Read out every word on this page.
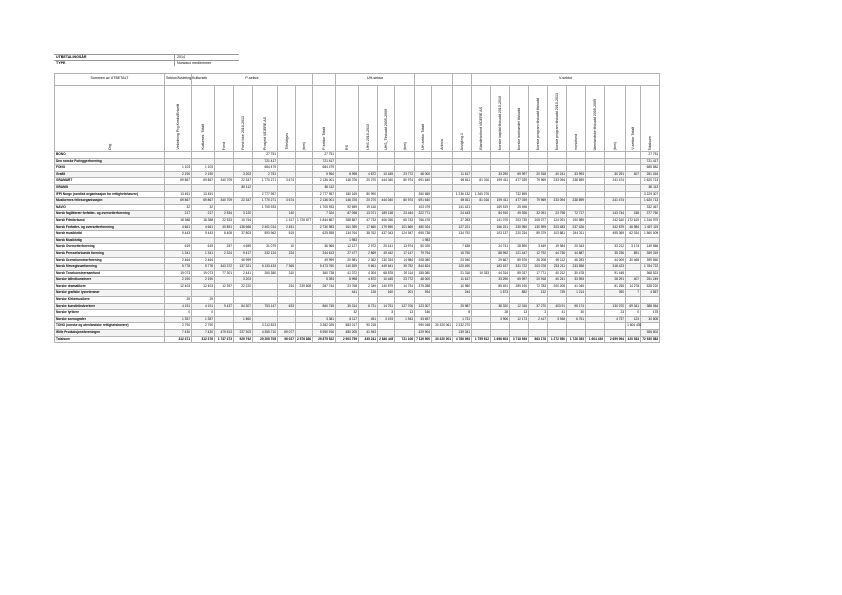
UTBETALINGSÅR	2014
TYPE	Norwaco medlemmer
Summen av UTBETALT	Sektor/Avdeling Kultursek	P-sektor							UH-sektor							V-sektor										
Org.	Veiledning Prg.Kreds/Enkeltt	Kultursek. Totalt	Fond	Fond ikke 2010-2013	Prosjekt VIDERE AS	Tilfeldigvis	(tom)	P-sektor Totalt	RS	UHS 2010-2013	UHS_Tilskudd 2005-2009	(tom)	UH-sektor Totalt	Arkivio	Avvigling 1	Blandinksfond VIDERE AS	Norske kapital tilskudd 2010-2010	Norske bokhandel tilskudd	Norske program tilskudd tilskudd	Norske program tilskudd 2010-2013	norskfond	Utenlandske tilskudd 2005-2009	(tom)	V-sektor Totalt	Totalsum	
BONO					27 751			27 751																	27 751	
Den norske Forleggerforening					721 417			721 417																	721 417	
FONO	1 103	1 103			684 479			684 479																	685 582	
Grafill	2 190	2 190		3 203	2 751			5 954	8 998	4 872	10 445	23 772	48 000		11 617		33 290	69 997	20 918	40 241	33 993		30 291	407	251 016		
GRAMART	69 867	69 867	340 709	22 347	1 770 271	3 674		2 136 001	146 376	20 270	444 040	80 974	691 640		69 811	81 016	199 411	477 039	79 969	233 094	238 899		241 474		1 620 713		
GRAMO				80 112				80 112																	80 112	
IFPI Norge (nordisk organisasjon for rettighetshavere)	13 451	13 451			2 777 957			2 777 957	180 169	80 990			260 659		1 236 132	1 260 276		732 899							3 229 307		
Musikernes fellesorganisasjon	69 867	69 867	340 709	22 347	1 770 271	3 674		2 136 001	146 376	20 270	444 040	80 974	691 640		69 811	81 016	199 411	477 039	79 969	233 094	238 899		241 474		1 620 713		
NAVIO	32	32			1 705 933			1 705 933	92 659	19 416			103 079		141 421		169 519	25 496							332 467		
Norsk faglitterær forfatter- og oversetterforening	217	217	2 534	3 120		140		7 324	87 098	13 071	189 138	23 444	322 771		24 443		84 910	49 926	32 091	23 798	72 717		143 744	158	377 750		
Norsk Filmforbund	18 388	18 388	22 533	15 794		1 317	1 726 877	1 844 867	288 857	47 733	406 036	65 743	766 476		37 283		141 070	203 739	205 377	124 091	190 989		242 160	172 619	1 316 975		
Norsk Forfatter- og oversetterforening	4 661	4 661	40 891	136 668	2 401 014	2 451		2 730 983	161 399	17 660	179 590	101 669	480 024		127 221		166 221	230 950	130 999	203 483	237 426		342 879	46 984	1 457 119		
Norsk musikkråd	9 443	9 443	8 408	37 803	593 962	519		625 555	134 764	38 762	437 043	124 947	695 738		134 792		103 137	220 234	89 379	103 881	244 311		495 369	62 034	1 560 009		
Norsk Musikkråg									1 983				1 983														
Norsk Oversetterforening	619	619	257	4 659	31 079	10		36 965	12 127	2 972	20 141	13 974	50 025		7 635		24 741	28 890	3 449	19 984	20 343		33 212	3 174	149 566		
Norsk Presseforbunds forening	1 341	1 341	2 324	9 417	232 124	224		244 613	27 477	2 869	49 442	17 147	79 794		15 750		88 992	121 447	12 792	44 736	44 887		35 236	891	359 319		
Norsk Scenekunstnerforening	2 464	2 464		46 999				49 999	20 981	2 362	130 334	14 984	208 080		23 940		29 667	89 576	26 208	69 112	46 283		44 009	30 468	399 560		
Norsk filmregissørforening	5 778	5 778	343 372	137 321	5 133 433	7 365		5 473 760	140 529	9 661	449 641	35 752	844 824		120 490		183 157	331 722	203 078	233 211	233 558		318 423		1 784 722		
Norsk Tonekunstnersamfund	19 073	19 073	77 301	2 441	260 380	310		360 738	41 372	4 304	68 878	20 114	155 080		21 316	10 333	44 314	89 037	17 771	40 212	30 478		91 448		368 523		
Norske billedkunstnere	2 190	2 190		3 203				5 393	8 998	4 872	10 445	23 772	48 000		11 617		33 290	69 997	20 918	40 241	33 993		28 291	407	251 249		
Norske dramatikere	12 403	12 403	12 397	22 220		234	239 608	287 744	23 768	2 349	140 579	14 734	375 288		10 980		85 491	289 190	72 783	200 205	41 045		81 255	14 278	528 220		
Norske grafiske lysveteraner									441	126	160	201	934		244		1 573	852	132	739	1 214		390	7	4 857		
Norske Kirkemusikere	29	29																									
Norske kunsthåndverkere	4 191	4 191	9 437	84 307	753 147	633		860 745	35 314	8 731	14 751	127 706	123 307		25 987		38 320	12 316	37 270	403 91	95 174		130 070	69 341	388 064		
Norske lyrikere	0	0							32		3	13	146		8		28	13	3	41	30		23	0	175		
Norske scenografer	1 357	1 357		1 860				3 381	8 117	451	3 193	1 943	33 697		1 731		3 906	12 173	2 417	3 948	6 751		4 737	123	30 805		
TONO (norske og utenlandske rettighetshavere)	2 790	2 790			3 212 823			3 382 025	583 017	90 218			990 048	30 320 061	2 232 270									1 604 439				
Wille Produksjonsforeningen	7 430	7 430	479 513	237 303	4 355 710	69 077		5 950 916	480 205	41 943			429 904		139 341										355 502		
Totalsum	312 371	312 376	1 737 473	929 792	29 205 705	98 027	2 576 830	29 875 522	2 903 759	335 241	2 846 445	721 106	7 119 900	30 320 001	4 786 993	1 755 612	1 698 603	3 718 939	863 178	1 272 950	1 726 393	1 604 439	2 659 994	420 933	72 930 583		
